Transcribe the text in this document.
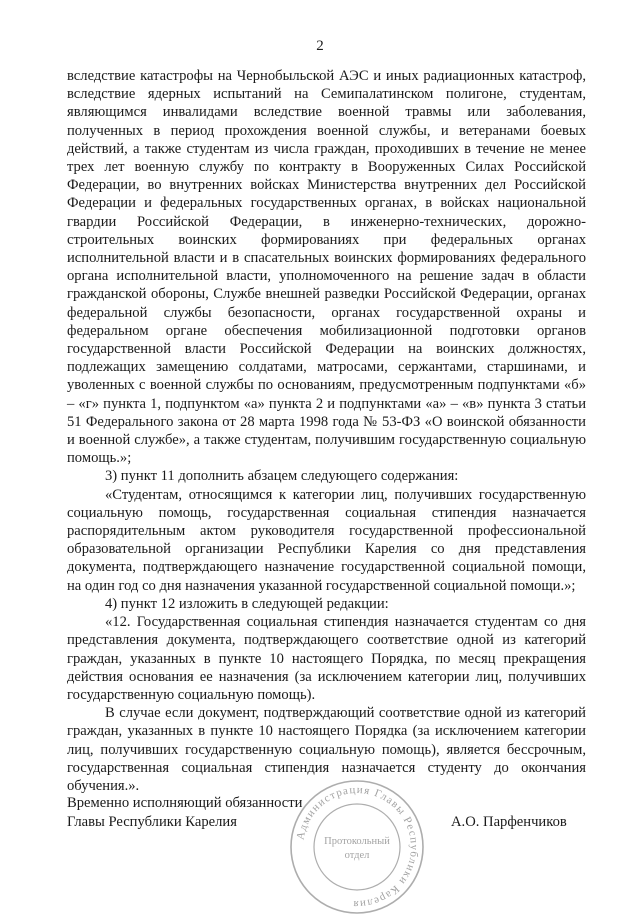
2

вследствие катастрофы на Чернобыльской АЭС и иных радиационных катастроф, вследствие ядерных испытаний на Семипалатинском полигоне, студентам, являющимся инвалидами вследствие военной травмы или заболевания, полученных в период прохождения военной службы, и ветеранами боевых действий, а также студентам из числа граждан, проходивших в течение не менее трех лет военную службу по контракту в Вооруженных Силах Российской Федерации, во внутренних войсках Министерства внутренних дел Российской Федерации и федеральных государственных органах, в войсках национальной гвардии Российской Федерации, в инженерно-технических, дорожно-строительных воинских формированиях при федеральных органах исполнительной власти и в спасательных воинских формированиях федерального органа исполнительной власти, уполномоченного на решение задач в области гражданской обороны, Службе внешней разведки Российской Федерации, органах федеральной службы безопасности, органах государственной охраны и федеральном органе обеспечения мобилизационной подготовки органов государственной власти Российской Федерации на воинских должностях, подлежащих замещению солдатами, матросами, сержантами, старшинами, и уволенных с военной службы по основаниям, предусмотренным подпунктами «б» – «г» пункта 1, подпунктом «а» пункта 2 и подпунктами «а» – «в» пункта 3 статьи 51 Федерального закона от 28 марта 1998 года № 53-ФЗ «О воинской обязанности и военной службе», а также студентам, получившим государственную социальную помощь.»;

3) пункт 11 дополнить абзацем следующего содержания:

«Студентам, относящимся к категории лиц, получивших государственную социальную помощь, государственная социальная стипендия назначается распорядительным актом руководителя государственной профессиональной образовательной организации Республики Карелия со дня представления документа, подтверждающего назначение государственной социальной помощи, на один год со дня назначения указанной государственной социальной помощи.»;

4) пункт 12 изложить в следующей редакции:

«12. Государственная социальная стипендия назначается студентам со дня представления документа, подтверждающего соответствие одной из категорий граждан, указанных в пункте 10 настоящего Порядка, по месяц прекращения действия основания ее назначения (за исключением категории лиц, получивших государственную социальную помощь).

В случае если документ, подтверждающий соответствие одной из категорий граждан, указанных в пункте 10 настоящего Порядка (за исключением категории лиц, получивших государственную социальную помощь), является бессрочным, государственная социальная стипендия назначается студенту до окончания обучения.».

Временно исполняющий обязанности
Главы Республики Карелия	А.О. Парфенчиков
Администрация Главы Республики Карелия
Протокольный
отдел
